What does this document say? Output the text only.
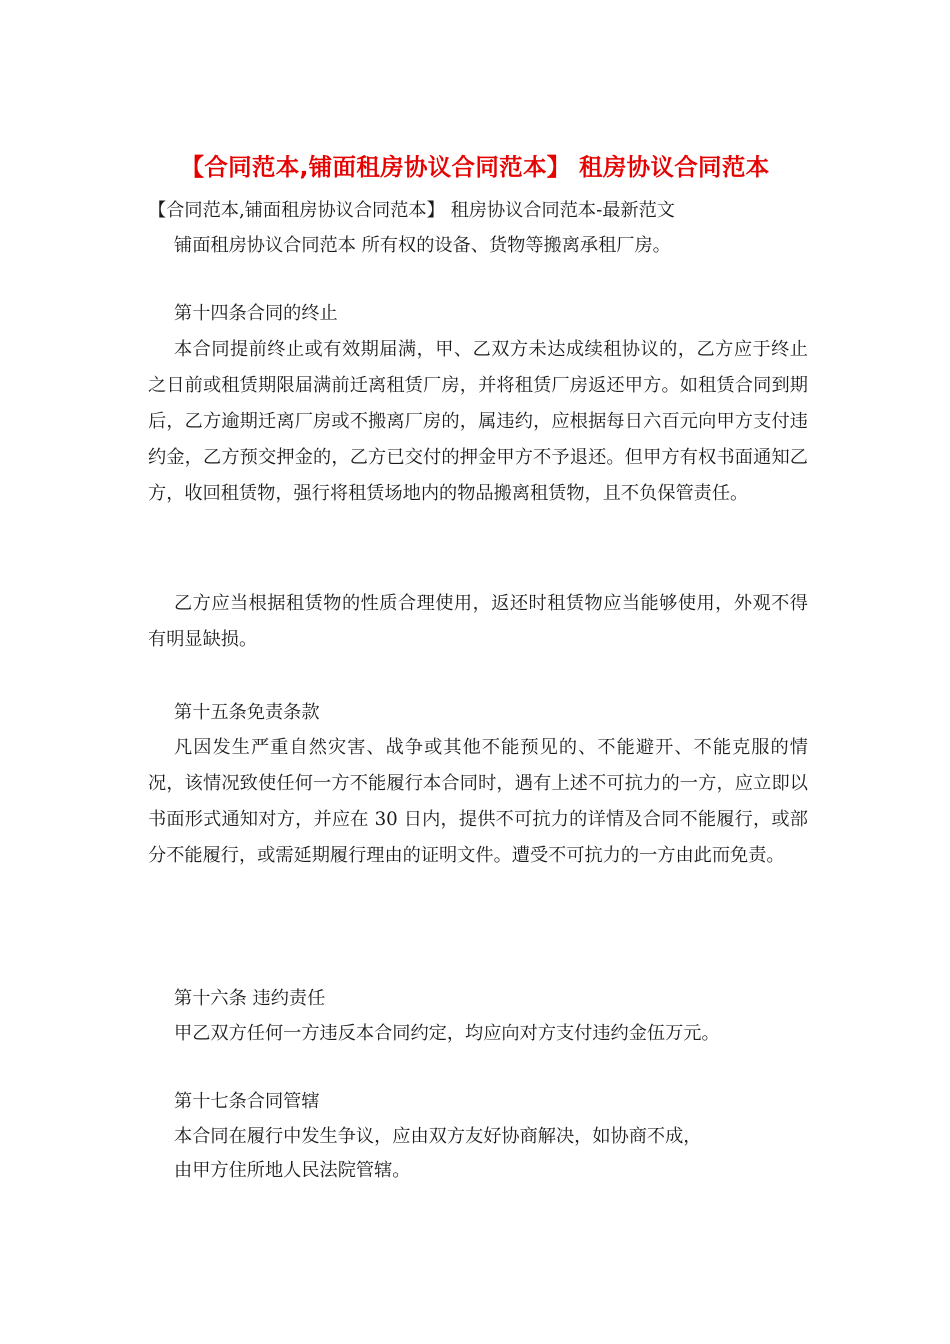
【合同范本,铺面租房协议合同范本】 租房协议合同范本
【合同范本,铺面租房协议合同范本】 租房协议合同范本-最新范文
铺面租房协议合同范本 所有权的设备、货物等搬离承租厂房。
第十四条合同的终止

本合同提前终止或有效期届满，甲、乙双方未达成续租协议的，乙方应于终止之日前或租赁期限届满前迁离租赁厂房，并将租赁厂房返还甲方。如租赁合同到期后，乙方逾期迁离厂房或不搬离厂房的，属违约，应根据每日六百元向甲方支付违约金，乙方预交押金的，乙方已交付的押金甲方不予退还。但甲方有权书面通知乙方，收回租赁物，强行将租赁场地内的物品搬离租赁物，且不负保管责任。

乙方应当根据租赁物的性质合理使用，返还时租赁物应当能够使用，外观不得有明显缺损。

第十五条免责条款

凡因发生严重自然灾害、战争或其他不能预见的、不能避开、不能克服的情况，该情况致使任何一方不能履行本合同时，遇有上述不可抗力的一方，应立即以书面形式通知对方，并应在 30 日内，提供不可抗力的详情及合同不能履行，或部分不能履行，或需延期履行理由的证明文件。遭受不可抗力的一方由此而免责。

第十六条 违约责任
甲乙双方任何一方违反本合同约定，均应向对方支付违约金伍万元。
第十七条合同管辖
本合同在履行中发生争议，应由双方友好协商解决，如协商不成，
由甲方住所地人民法院管辖。
